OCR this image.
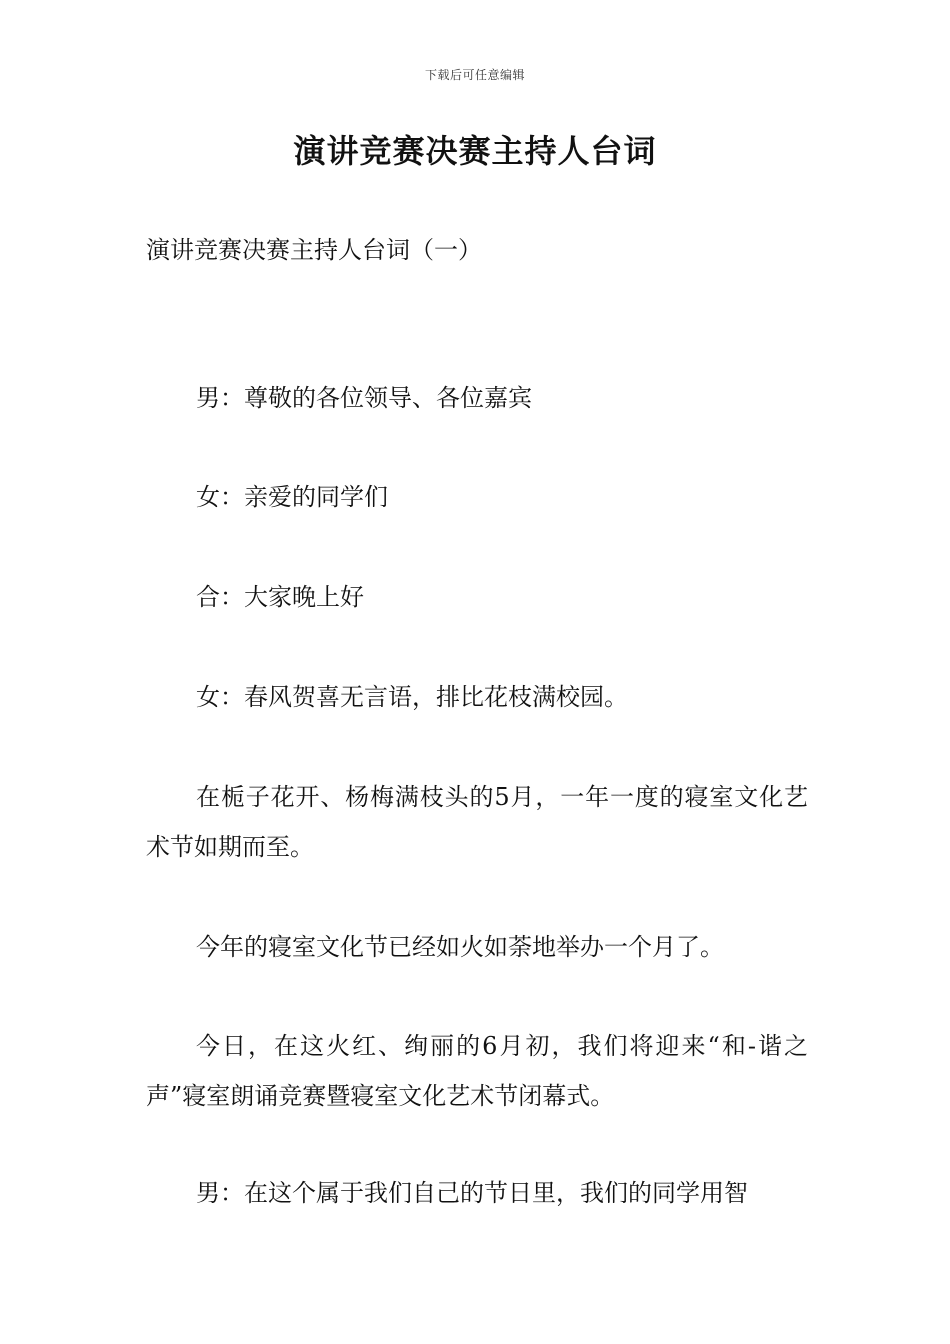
下载后可任意编辑
演讲竞赛决赛主持人台词

演讲竞赛决赛主持人台词（一）

男：尊敬的各位领导、各位嘉宾

女：亲爱的同学们

合：大家晚上好

女：春风贺喜无言语，排比花枝满校园。

在栀子花开、杨梅满枝头的5月，一年一度的寝室文化艺术节如期而至。

今年的寝室文化节已经如火如荼地举办一个月了。

今日，在这火红、绚丽的6月初，我们将迎来“和-谐之声”寝室朗诵竞赛暨寝室文化艺术节闭幕式。

男：在这个属于我们自己的节日里，我们的同学用智
